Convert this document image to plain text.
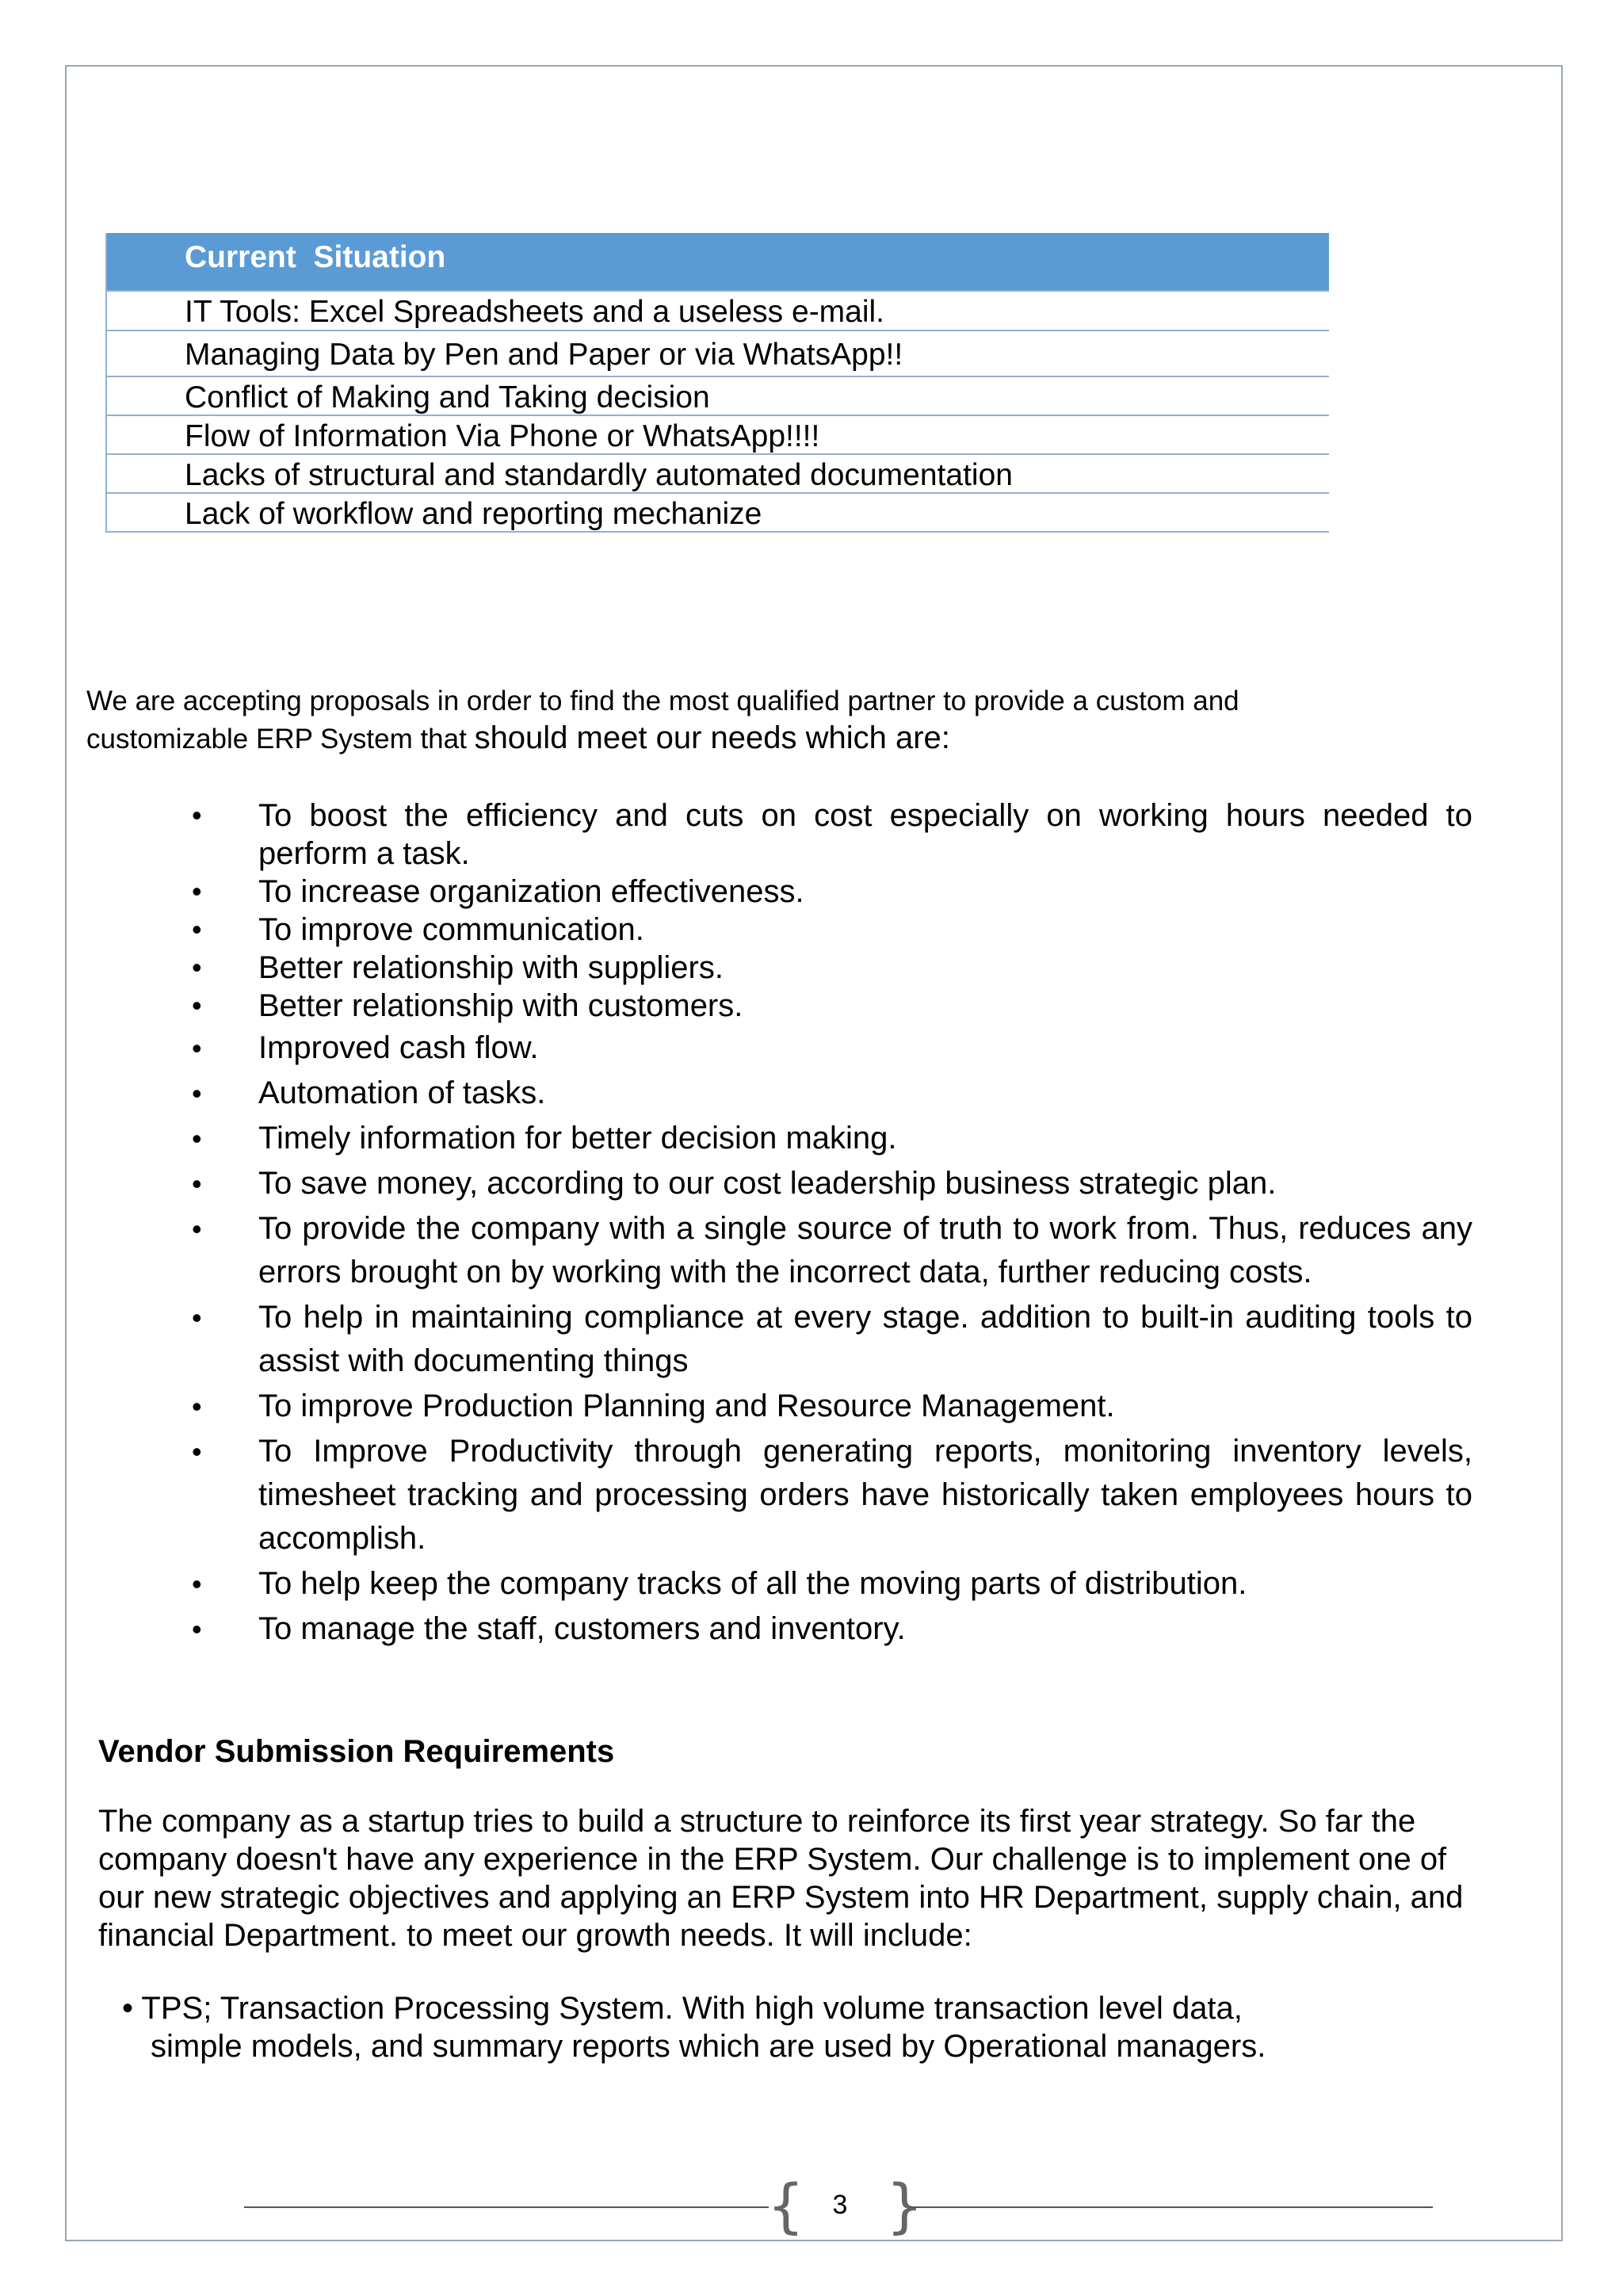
Current  Situation
IT Tools: Excel Spreadsheets and a useless e-mail.
Managing Data by Pen and Paper or via WhatsApp!!
Conflict of Making and Taking decision
Flow of Information Via Phone or WhatsApp!!!!
Lacks of structural and standardly automated documentation
Lack of workflow and reporting mechanize
We are accepting proposals in order to find the most qualified partner to provide a custom and
customizable ERP System that should meet our needs which are:
• To boost the efficiency and cuts on cost especially on working hours needed to perform a task.
• To increase organization effectiveness.
• To improve communication.
• Better relationship with suppliers.
• Better relationship with customers.
• Improved cash flow.
• Automation of tasks.
• Timely information for better decision making.
• To save money, according to our cost leadership business strategic plan.
• To provide the company with a single source of truth to work from. Thus, reduces any errors brought on by working with the incorrect data, further reducing costs.
• To help in maintaining compliance at every stage. addition to built-in auditing tools to assist with documenting things
• To improve Production Planning and Resource Management.
• To Improve Productivity through generating reports, monitoring inventory levels, timesheet tracking and processing orders have historically taken employees hours to accomplish.
• To help keep the company tracks of all the moving parts of distribution.
• To manage the staff, customers and inventory.
Vendor Submission Requirements
The company as a startup tries to build a structure to reinforce its first year strategy. So far the company doesn't have any experience in the ERP System. Our challenge is to implement one of our new strategic objectives and applying an ERP System into HR Department, supply chain, and financial Department. to meet our growth needs. It will include:
• TPS; Transaction Processing System. With high volume transaction level data,
simple models, and summary reports which are used by Operational managers.
{	3 }
